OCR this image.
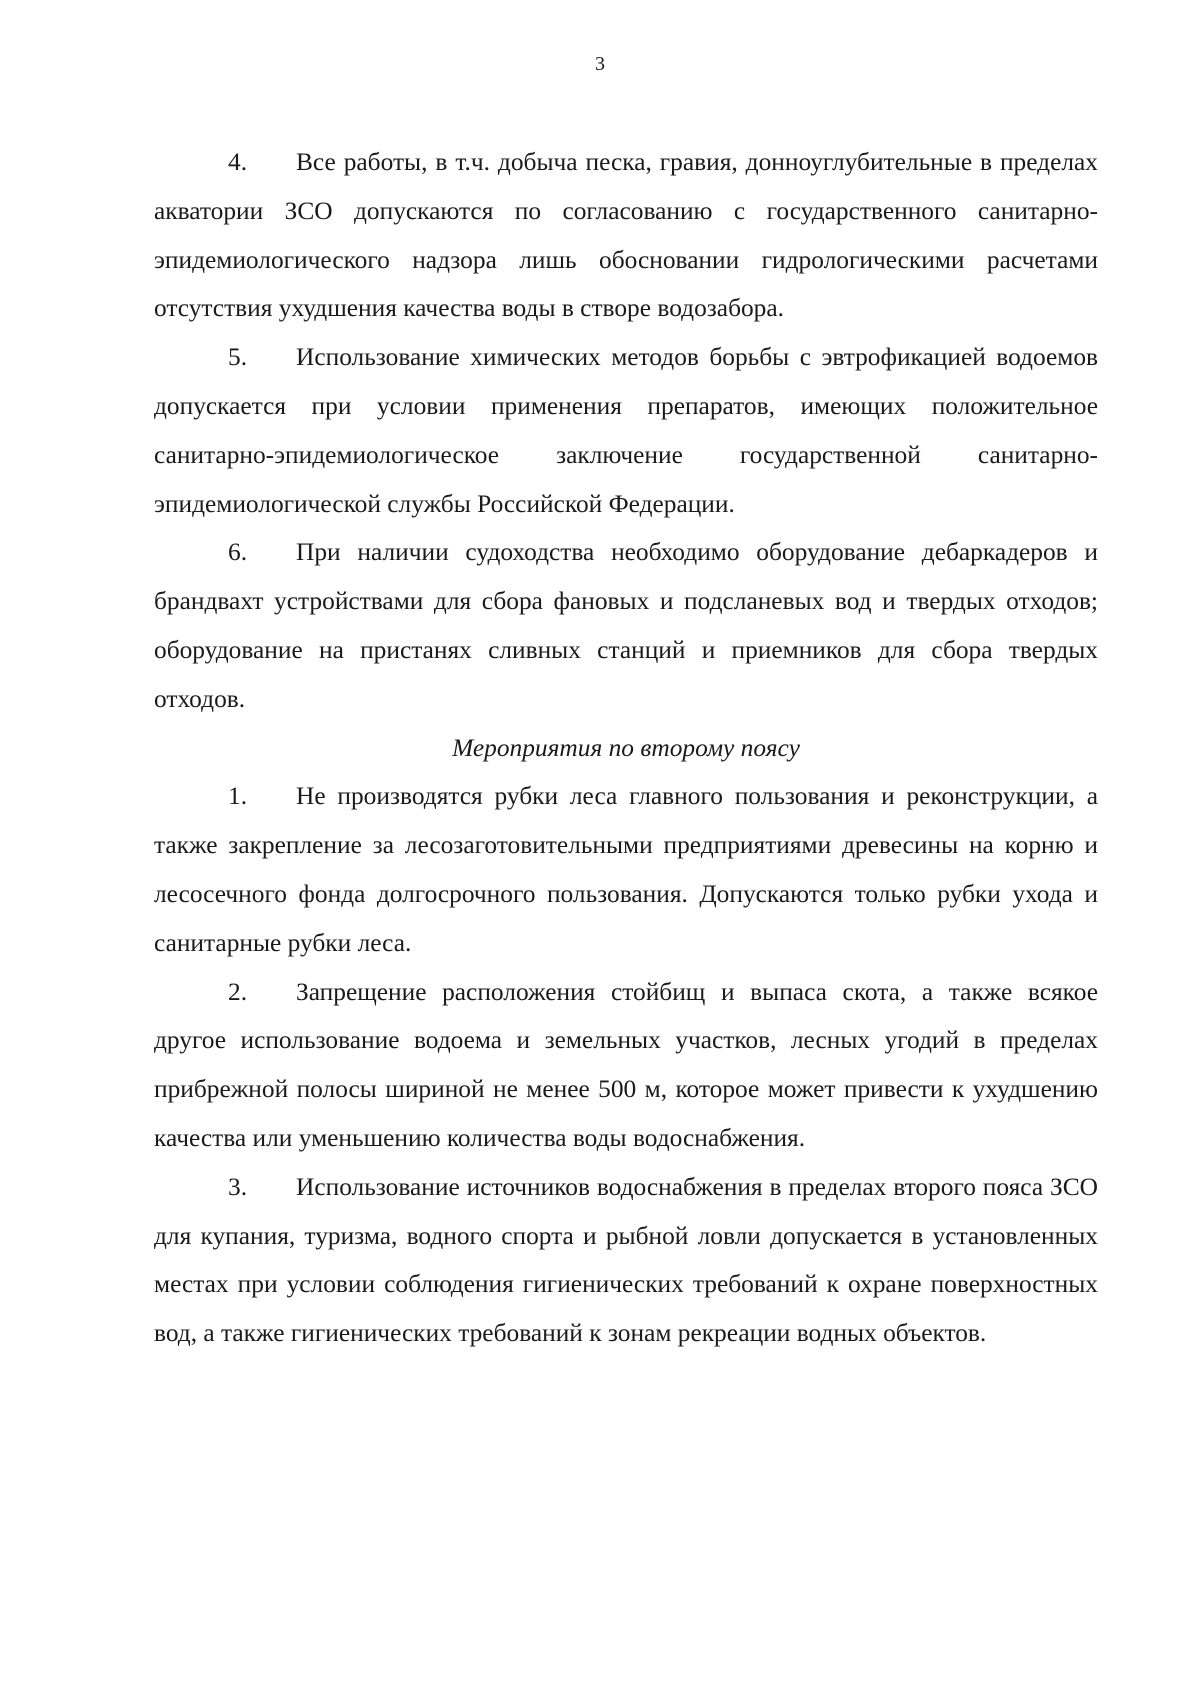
3

4. Все работы, в т.ч. добыча песка, гравия, донноуглубительные в пределах акватории ЗСО допускаются по согласованию с государственного санитарно-эпидемиологического надзора лишь обосновании гидрологическими расчетами отсутствия ухудшения качества воды в створе водозабора.

5. Использование химических методов борьбы с эвтрофикацией водоемов допускается при условии применения препаратов, имеющих положительное санитарно-эпидемиологическое заключение государственной санитарно-эпидемиологической службы Российской Федерации.

6. При наличии судоходства необходимо оборудование дебаркадеров и брандвахт устройствами для сбора фановых и подсланевых вод и твердых отходов; оборудование на пристанях сливных станций и приемников для сбора твердых отходов.

Мероприятия по второму поясу

1. Не производятся рубки леса главного пользования и реконструкции, а также закрепление за лесозаготовительными предприятиями древесины на корню и лесосечного фонда долгосрочного пользования. Допускаются только рубки ухода и санитарные рубки леса.

2. Запрещение расположения стойбищ и выпаса скота, а также всякое другое использование водоема и земельных участков, лесных угодий в пределах прибрежной полосы шириной не менее 500 м, которое может привести к ухудшению качества или уменьшению количества воды водоснабжения.

3. Использование источников водоснабжения в пределах второго пояса ЗСО для купания, туризма, водного спорта и рыбной ловли допускается в установленных местах при условии соблюдения гигиенических требований к охране поверхностных вод, а также гигиенических требований к зонам рекреации водных объектов.
